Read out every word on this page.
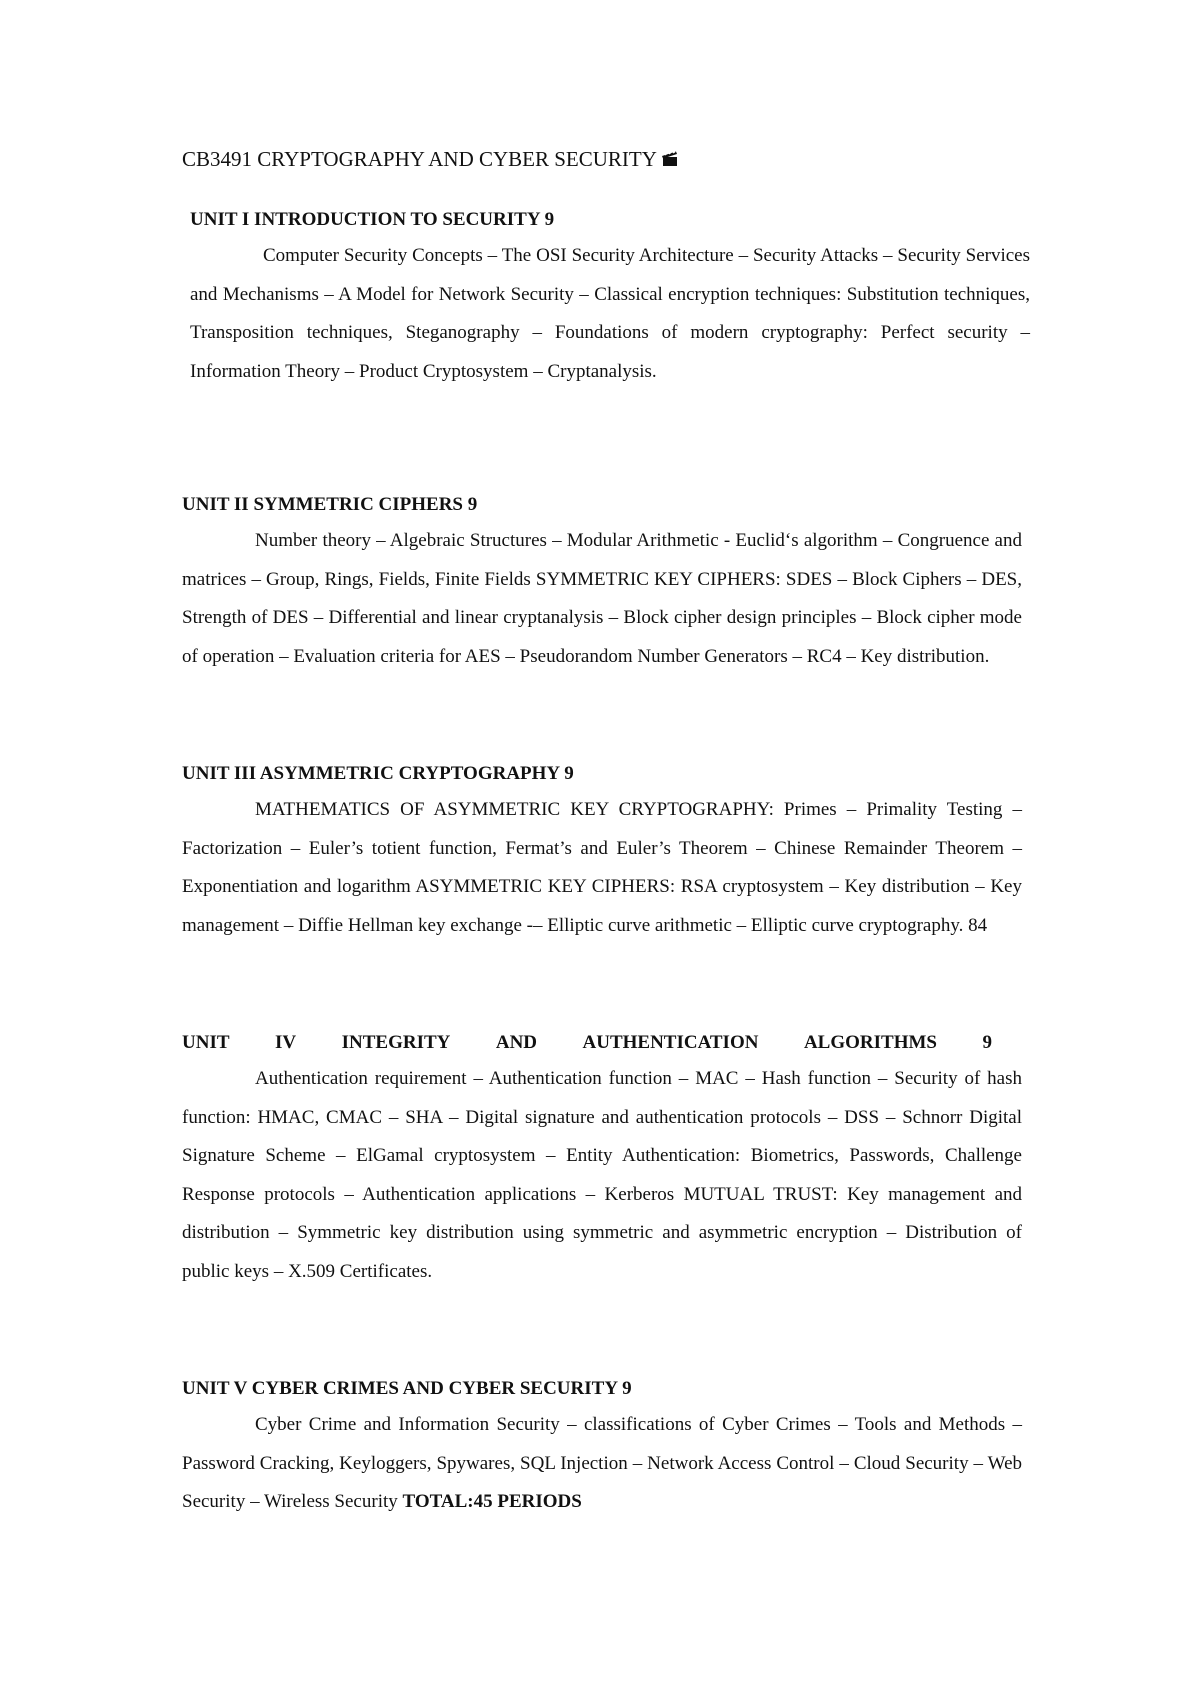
CB3491 CRYPTOGRAPHY AND CYBER SECURITY
UNIT I INTRODUCTION TO SECURITY 9

Computer Security Concepts – The OSI Security Architecture – Security Attacks – Security Services and Mechanisms – A Model for Network Security – Classical encryption techniques: Substitution techniques, Transposition techniques, Steganography – Foundations of modern cryptography: Perfect security – Information Theory – Product Cryptosystem – Cryptanalysis.

UNIT II SYMMETRIC CIPHERS 9

Number theory – Algebraic Structures – Modular Arithmetic - Euclid‘s algorithm – Congruence and matrices – Group, Rings, Fields, Finite Fields SYMMETRIC KEY CIPHERS: SDES – Block Ciphers – DES, Strength of DES – Differential and linear cryptanalysis – Block cipher design principles – Block cipher mode of operation – Evaluation criteria for AES – Pseudorandom Number Generators – RC4 – Key distribution.

UNIT III ASYMMETRIC CRYPTOGRAPHY 9

MATHEMATICS OF ASYMMETRIC KEY CRYPTOGRAPHY: Primes – Primality Testing – Factorization – Euler’s totient function, Fermat’s and Euler’s Theorem – Chinese Remainder Theorem – Exponentiation and logarithm ASYMMETRIC KEY CIPHERS: RSA cryptosystem – Key distribution – Key management – Diffie Hellman key exchange -– Elliptic curve arithmetic – Elliptic curve cryptography. 84

UNIT IV INTEGRITY AND AUTHENTICATION ALGORITHMS 9

Authentication requirement – Authentication function – MAC – Hash function – Security of hash function: HMAC, CMAC – SHA – Digital signature and authentication protocols – DSS – Schnorr Digital Signature Scheme – ElGamal cryptosystem – Entity Authentication: Biometrics, Passwords, Challenge Response protocols – Authentication applications – Kerberos MUTUAL TRUST: Key management and distribution – Symmetric key distribution using symmetric and asymmetric encryption – Distribution of public keys – X.509 Certificates.

UNIT V CYBER CRIMES AND CYBER SECURITY 9

Cyber Crime and Information Security – classifications of Cyber Crimes – Tools and Methods – Password Cracking, Keyloggers, Spywares, SQL Injection – Network Access Control – Cloud Security – Web Security – Wireless Security TOTAL:45 PERIODS
